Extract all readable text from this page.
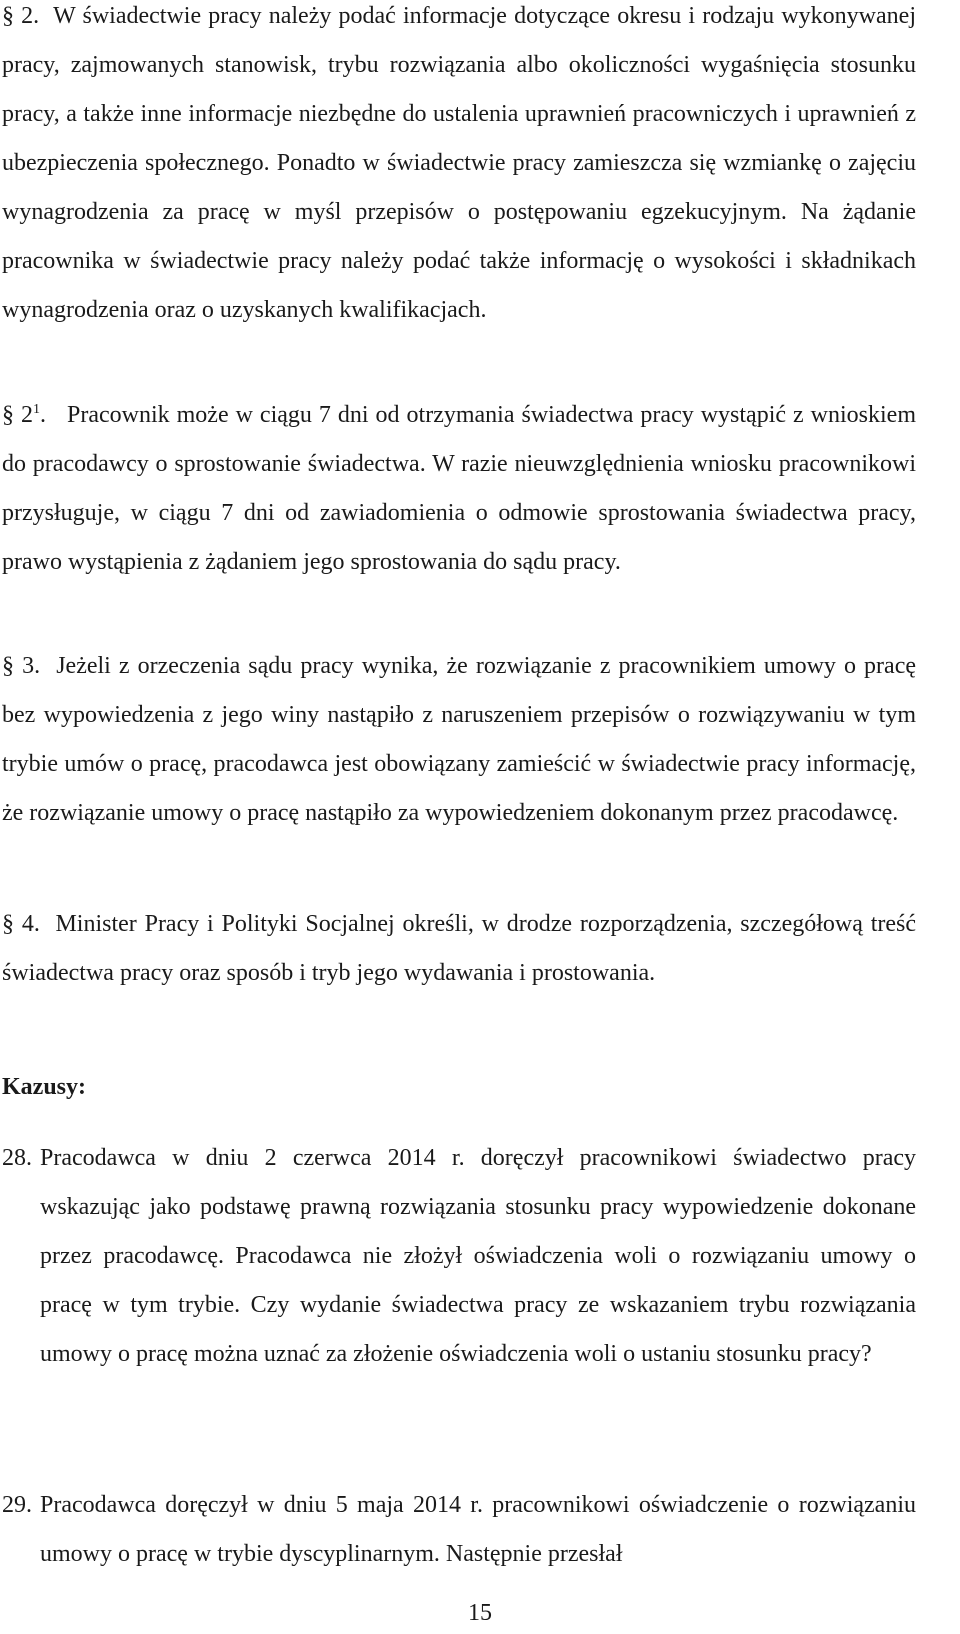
§ 2.  W świadectwie pracy należy podać informacje dotyczące okresu i rodzaju wykonywanej pracy, zajmowanych stanowisk, trybu rozwiązania albo okoliczności wygaśnięcia stosunku pracy, a także inne informacje niezbędne do ustalenia uprawnień pracowniczych i uprawnień z ubezpieczenia społecznego. Ponadto w świadectwie pracy zamieszcza się wzmiankę o zajęciu wynagrodzenia za pracę w myśl przepisów o postępowaniu egzekucyjnym. Na żądanie pracownika w świadectwie pracy należy podać także informację o wysokości i składnikach wynagrodzenia oraz o uzyskanych kwalifikacjach.

§ $2^1$.   Pracownik może w ciągu 7 dni od otrzymania świadectwa pracy wystąpić z wnioskiem do pracodawcy o sprostowanie świadectwa. W razie nieuwzględnienia wniosku pracownikowi przysługuje, w ciągu 7 dni od zawiadomienia o odmowie sprostowania świadectwa pracy, prawo wystąpienia z żądaniem jego sprostowania do sądu pracy.

§ 3.  Jeżeli z orzeczenia sądu pracy wynika, że rozwiązanie z pracownikiem umowy o pracę bez wypowiedzenia z jego winy nastąpiło z naruszeniem przepisów o rozwiązywaniu w tym trybie umów o pracę, pracodawca jest obowiązany zamieścić w świadectwie pracy informację, że rozwiązanie umowy o pracę nastąpiło za wypowiedzeniem dokonanym przez pracodawcę.

§ 4.  Minister Pracy i Polityki Socjalnej określi, w drodze rozporządzenia, szczegółową treść świadectwa pracy oraz sposób i tryb jego wydawania i prostowania.

Kazusy:
28. Pracodawca w dniu 2 czerwca 2014 r. doręczył pracownikowi świadectwo pracy wskazując jako podstawę prawną rozwiązania stosunku pracy wypowiedzenie dokonane przez pracodawcę. Pracodawca nie złożył oświadczenia woli o rozwiązaniu umowy o pracę w tym trybie. Czy wydanie świadectwa pracy ze wskazaniem trybu rozwiązania umowy o pracę można uznać za złożenie oświadczenia woli o ustaniu stosunku pracy?
29. Pracodawca doręczył w dniu 5 maja 2014 r. pracownikowi oświadczenie o rozwiązaniu umowy o pracę w trybie dyscyplinarnym. Następnie przesłał
15
